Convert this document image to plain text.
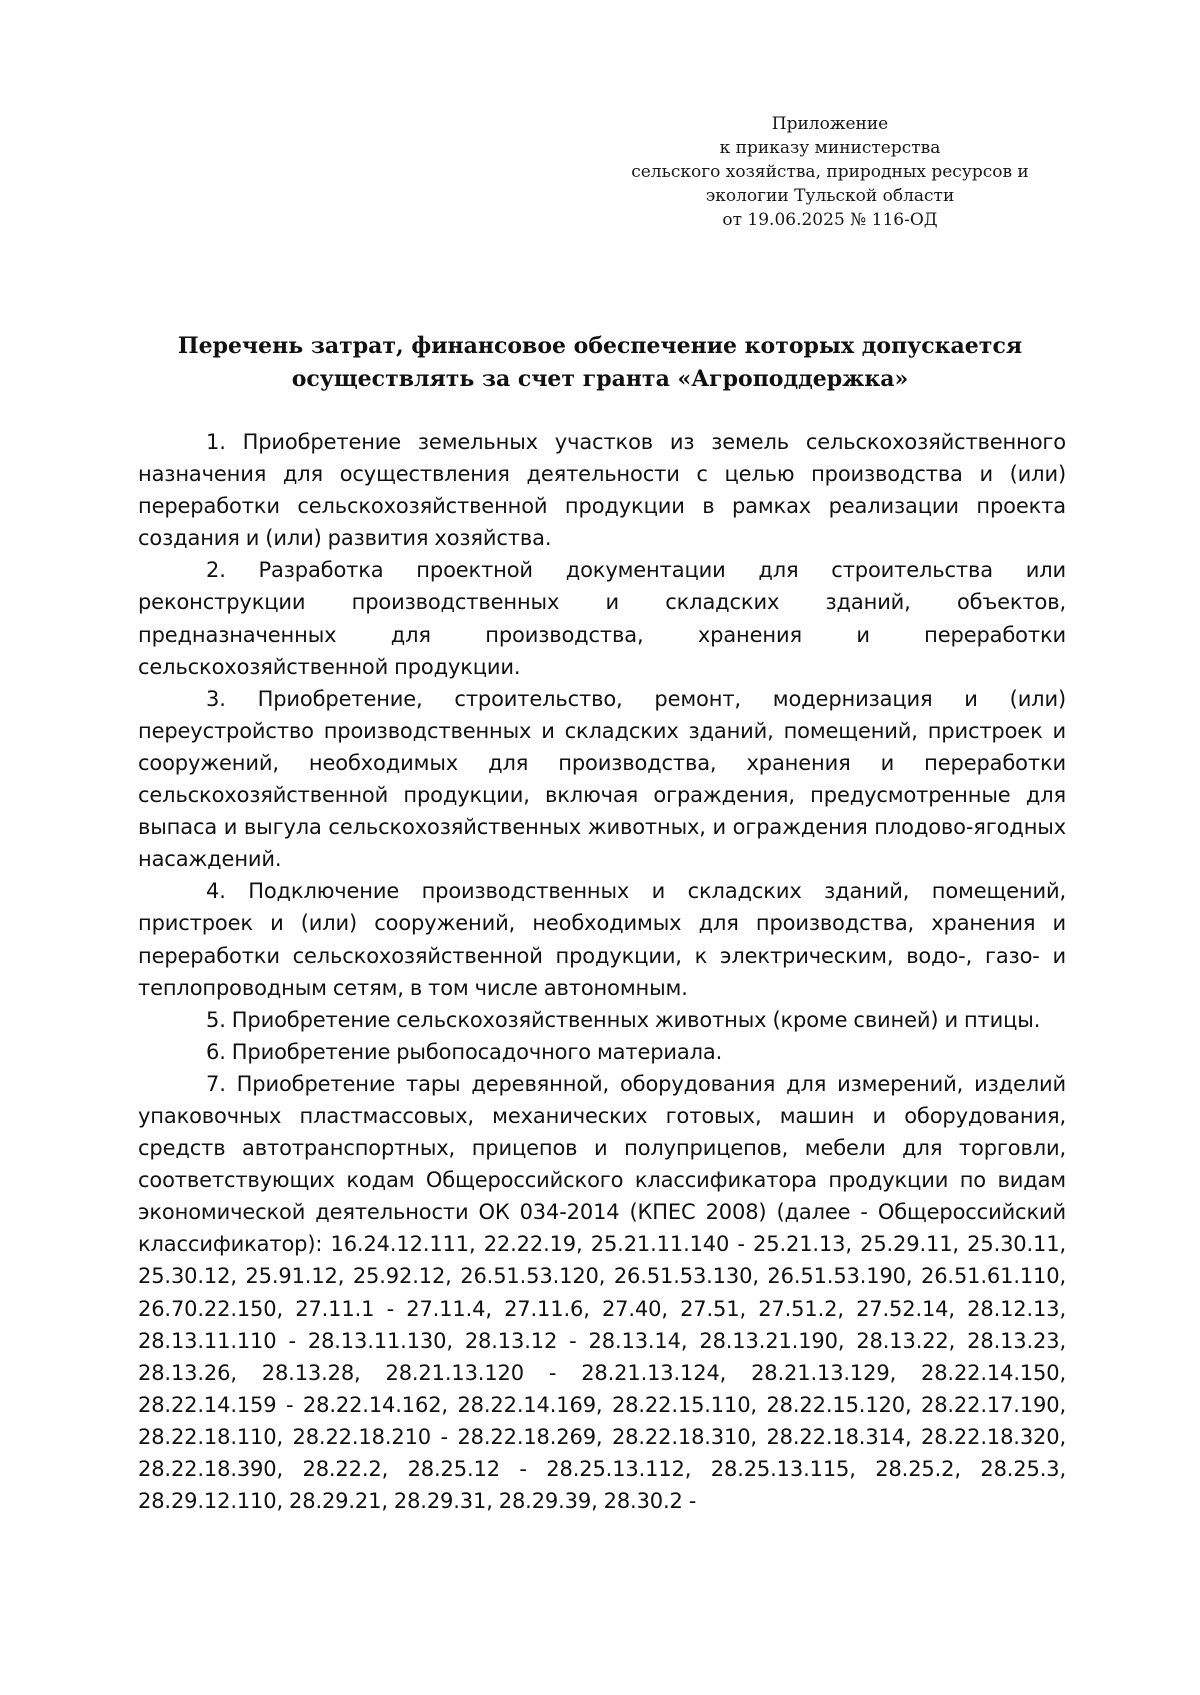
Приложение
к приказу министерства
сельского хозяйства, природных ресурсов и
экологии Тульской области
от 19.06.2025 № 116-ОД
Перечень затрат, финансовое обеспечение которых допускается
осуществлять за счет гранта «Агроподдержка»

1. Приобретение земельных участков из земель сельскохозяйственного назначения для осуществления деятельности с целью производства и (или) переработки сельскохозяйственной продукции в рамках реализации проекта создания и (или) развития хозяйства.

2. Разработка проектной документации для строительства или реконструкции производственных и складских зданий, объектов, предназначенных для производства, хранения и переработки сельскохозяйственной продукции.

3. Приобретение, строительство, ремонт, модернизация и (или) переустройство производственных и складских зданий, помещений, пристроек и сооружений, необходимых для производства, хранения и переработки сельскохозяйственной продукции, включая ограждения, предусмотренные для выпаса и выгула сельскохозяйственных животных, и ограждения плодово-ягодных насаждений.

4. Подключение производственных и складских зданий, помещений, пристроек и (или) сооружений, необходимых для производства, хранения и переработки сельскохозяйственной продукции, к электрическим, водо-, газо- и теплопроводным сетям, в том числе автономным.

5. Приобретение сельскохозяйственных животных (кроме свиней) и птицы.

6. Приобретение рыбопосадочного материала.

7. Приобретение тары деревянной, оборудования для измерений, изделий упаковочных пластмассовых, механических готовых, машин и оборудования, средств автотранспортных, прицепов и полуприцепов, мебели для торговли, соответствующих кодам Общероссийского классификатора продукции по видам экономической деятельности ОК 034-2014 (КПЕС 2008) (далее - Общероссийский классификатор): 16.24.12.111, 22.22.19, 25.21.11.140 - 25.21.13, 25.29.11, 25.30.11, 25.30.12, 25.91.12, 25.92.12, 26.51.53.120, 26.51.53.130, 26.51.53.190, 26.51.61.110, 26.70.22.150, 27.11.1 - 27.11.4, 27.11.6, 27.40, 27.51, 27.51.2, 27.52.14, 28.12.13, 28.13.11.110 - 28.13.11.130, 28.13.12 - 28.13.14, 28.13.21.190, 28.13.22, 28.13.23, 28.13.26, 28.13.28, 28.21.13.120 - 28.21.13.124, 28.21.13.129, 28.22.14.150, 28.22.14.159 - 28.22.14.162, 28.22.14.169, 28.22.15.110, 28.22.15.120, 28.22.17.190, 28.22.18.110, 28.22.18.210 - 28.22.18.269, 28.22.18.310, 28.22.18.314, 28.22.18.320, 28.22.18.390, 28.22.2, 28.25.12 - 28.25.13.112, 28.25.13.115, 28.25.2, 28.25.3, 28.29.12.110, 28.29.21, 28.29.31, 28.29.39, 28.30.2 -
